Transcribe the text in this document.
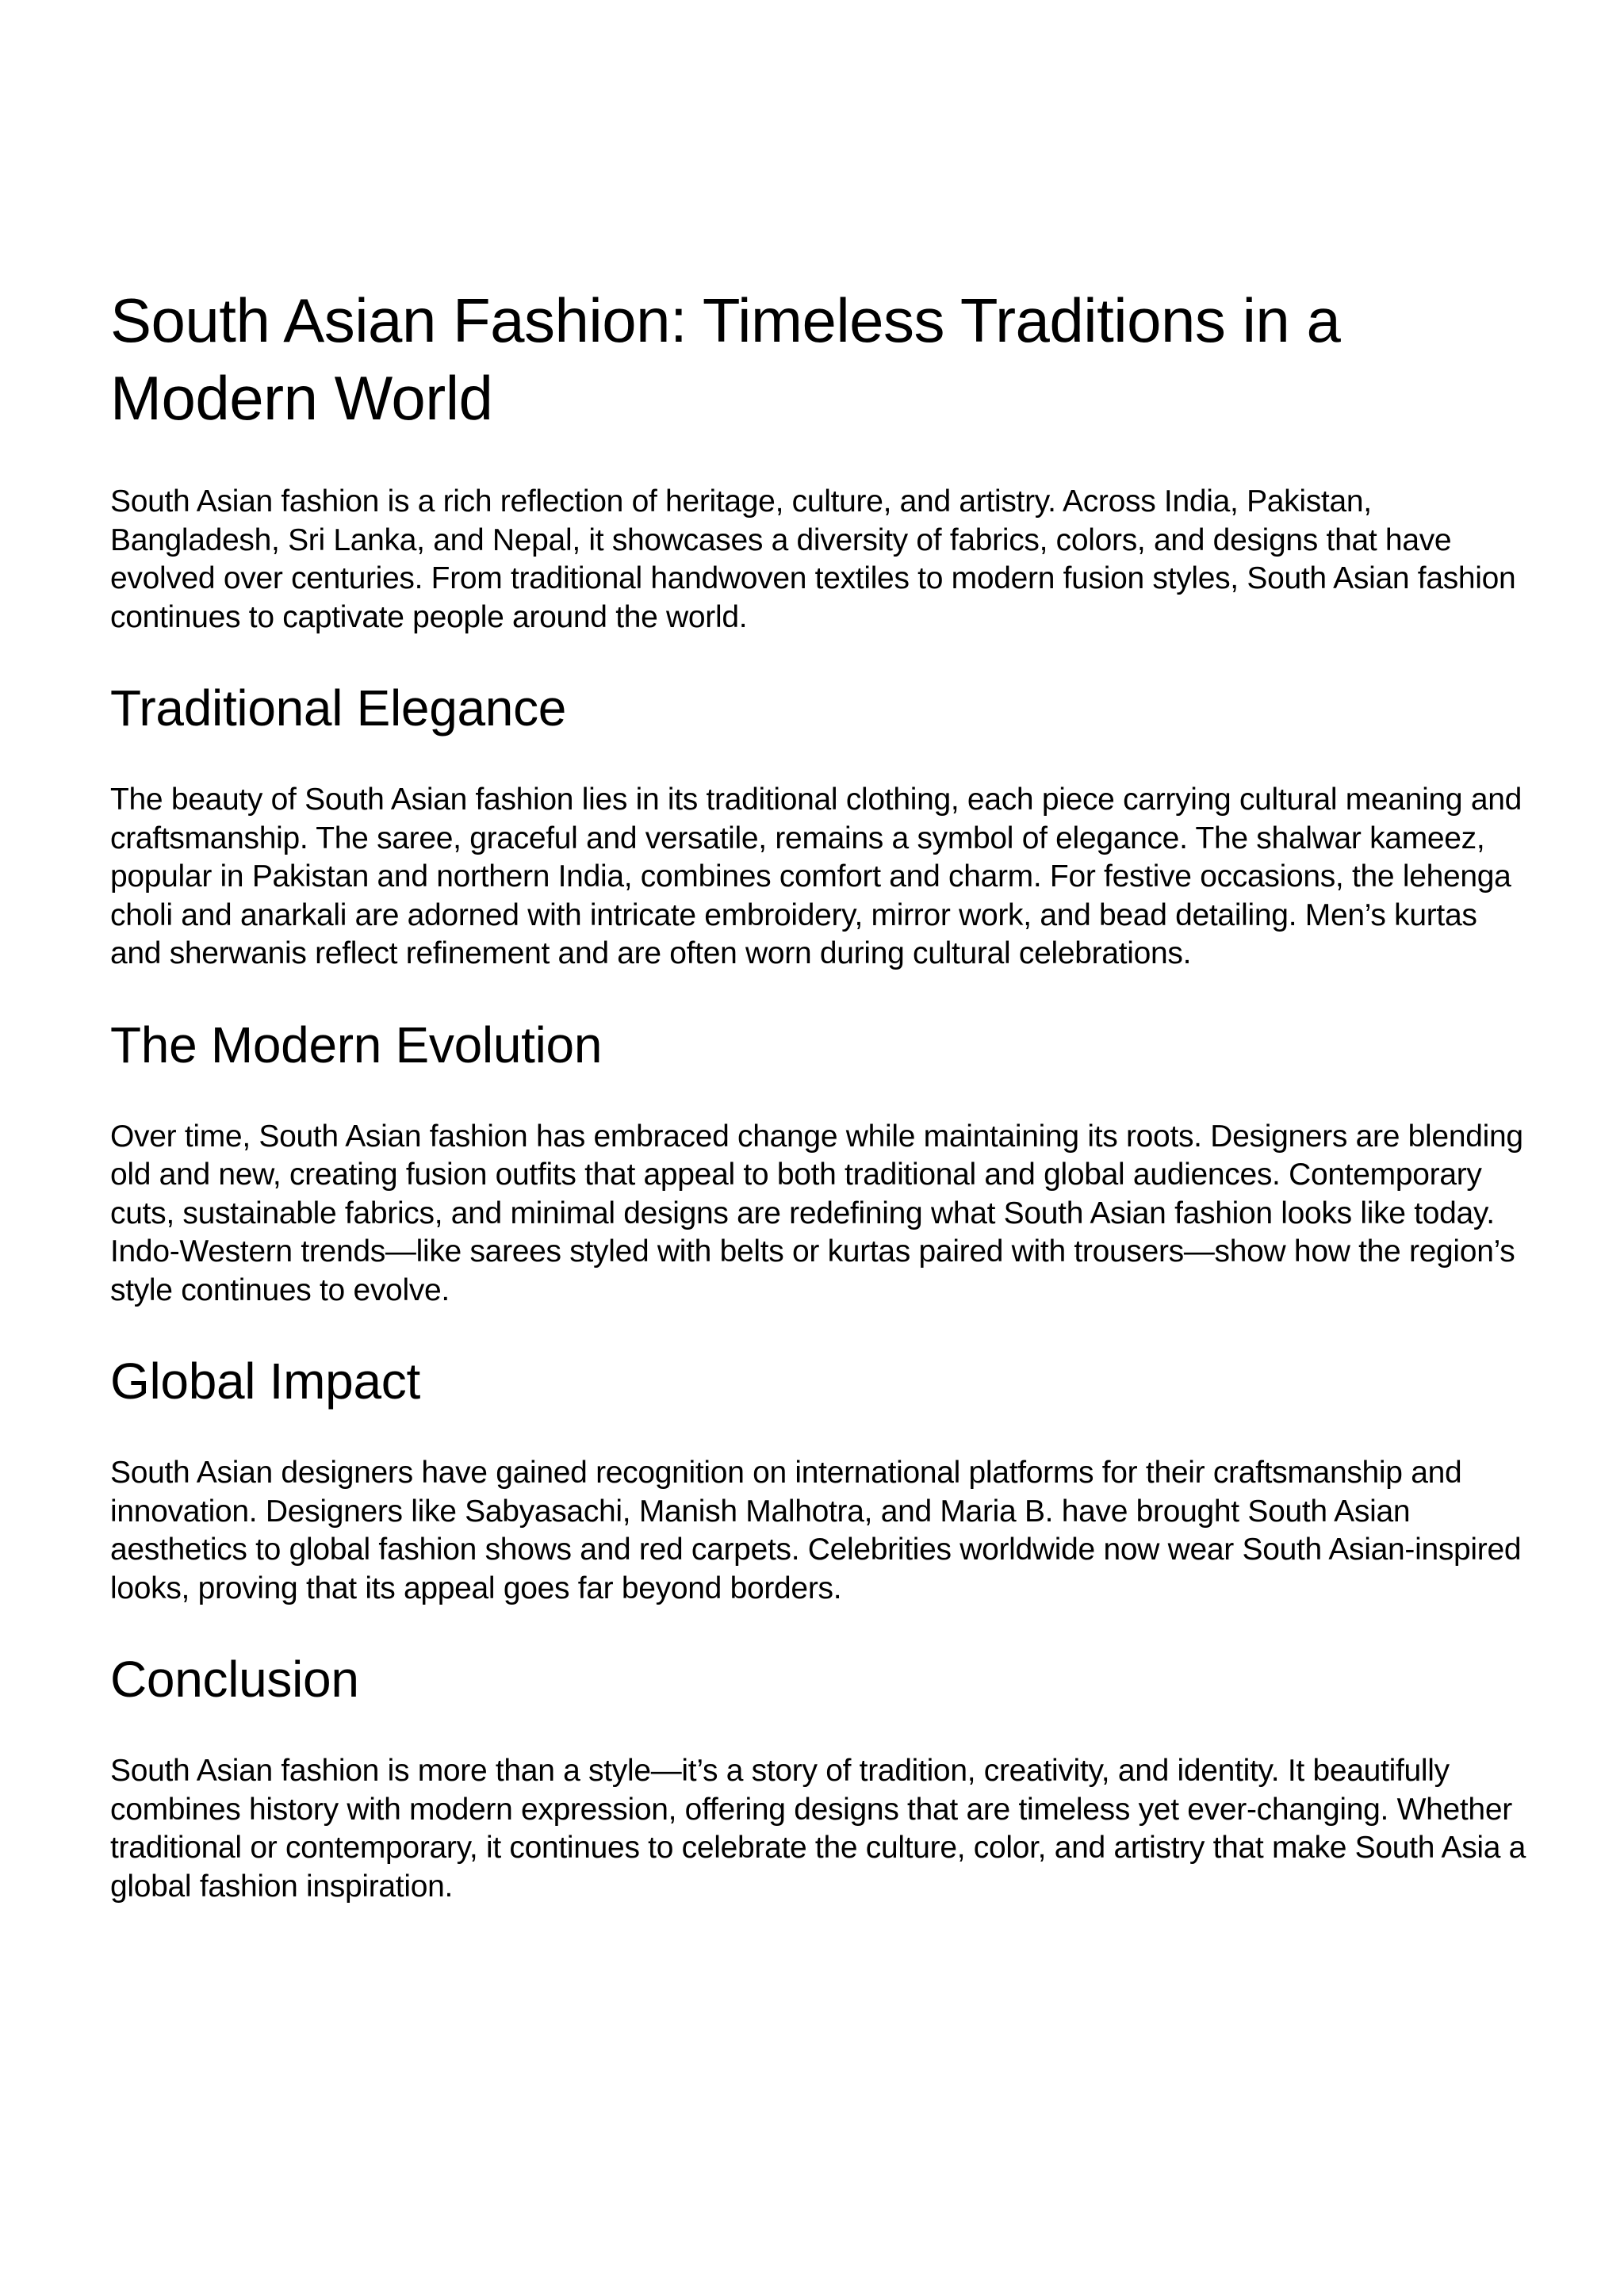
South Asian Fashion: Timeless Traditions in a Modern World

South Asian fashion is a rich reflection of heritage, culture, and artistry. Across India, Pakistan, Bangladesh, Sri Lanka, and Nepal, it showcases a diversity of fabrics, colors, and designs that have evolved over centuries. From traditional handwoven textiles to modern fusion styles, South Asian fashion continues to captivate people around the world.

Traditional Elegance

The beauty of South Asian fashion lies in its traditional clothing, each piece carrying cultural meaning and craftsmanship. The saree, graceful and versatile, remains a symbol of elegance. The shalwar kameez, popular in Pakistan and northern India, combines comfort and charm. For festive occasions, the lehenga choli and anarkali are adorned with intricate embroidery, mirror work, and bead detailing. Men’s kurtas and sherwanis reflect refinement and are often worn during cultural celebrations.

The Modern Evolution

Over time, South Asian fashion has embraced change while maintaining its roots. Designers are blending old and new, creating fusion outfits that appeal to both traditional and global audiences. Contemporary cuts, sustainable fabrics, and minimal designs are redefining what South Asian fashion looks like today. Indo-Western trends—like sarees styled with belts or kurtas paired with trousers—show how the region’s style continues to evolve.

Global Impact

South Asian designers have gained recognition on international platforms for their craftsmanship and innovation. Designers like Sabyasachi, Manish Malhotra, and Maria B. have brought South Asian aesthetics to global fashion shows and red carpets. Celebrities worldwide now wear South Asian-inspired looks, proving that its appeal goes far beyond borders.

Conclusion

South Asian fashion is more than a style—it’s a story of tradition, creativity, and identity. It beautifully combines history with modern expression, offering designs that are timeless yet ever-changing. Whether traditional or contemporary, it continues to celebrate the culture, color, and artistry that make South Asia a global fashion inspiration.
